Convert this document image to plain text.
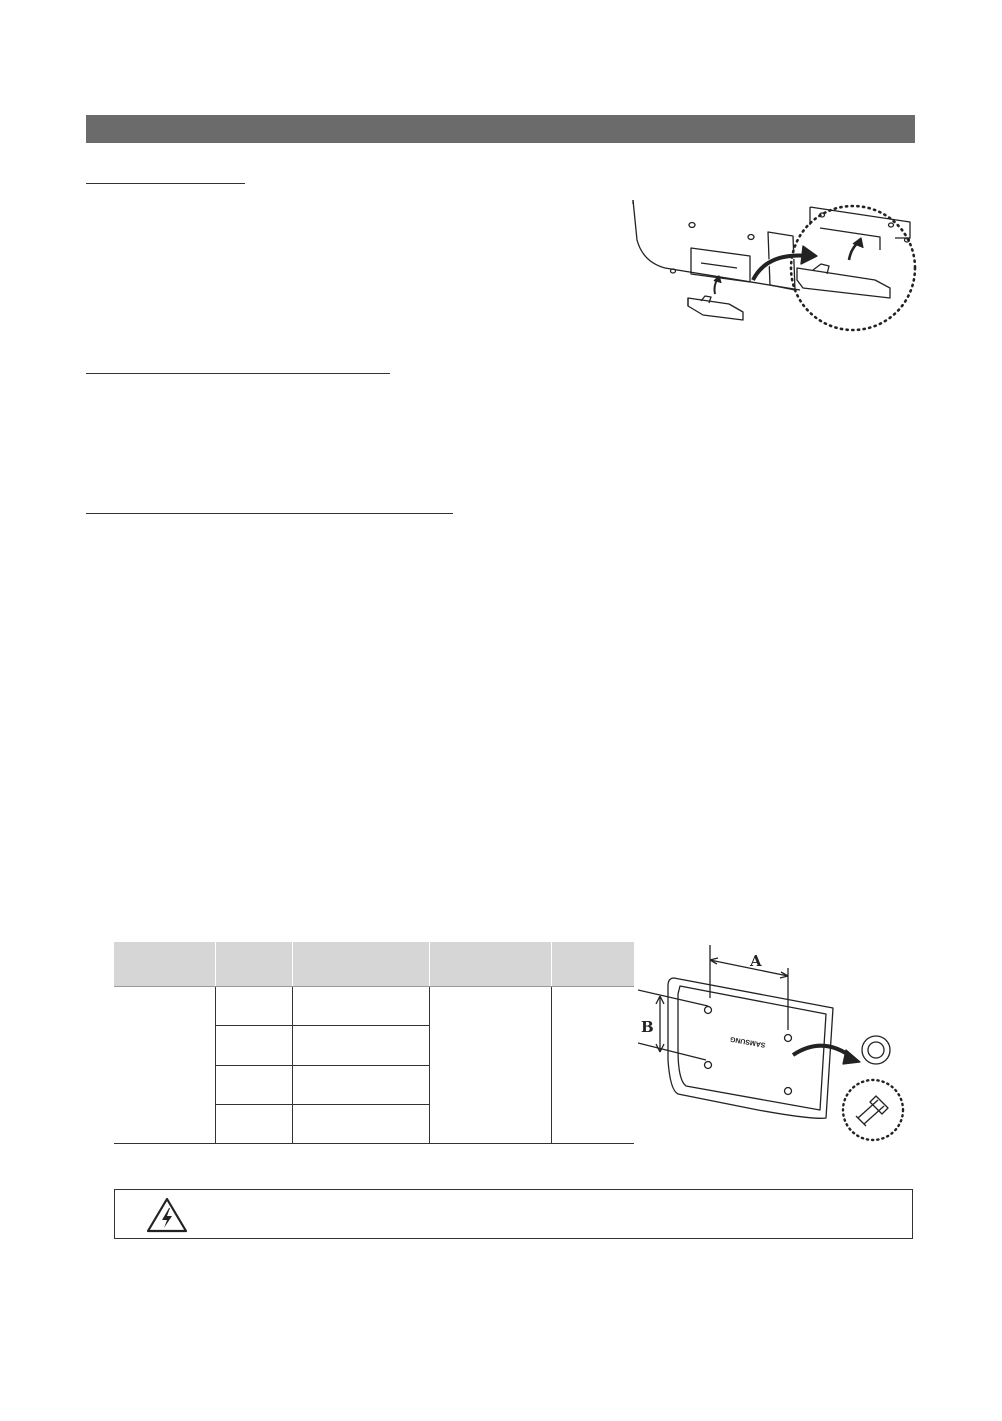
A
B
SAMSUNG
